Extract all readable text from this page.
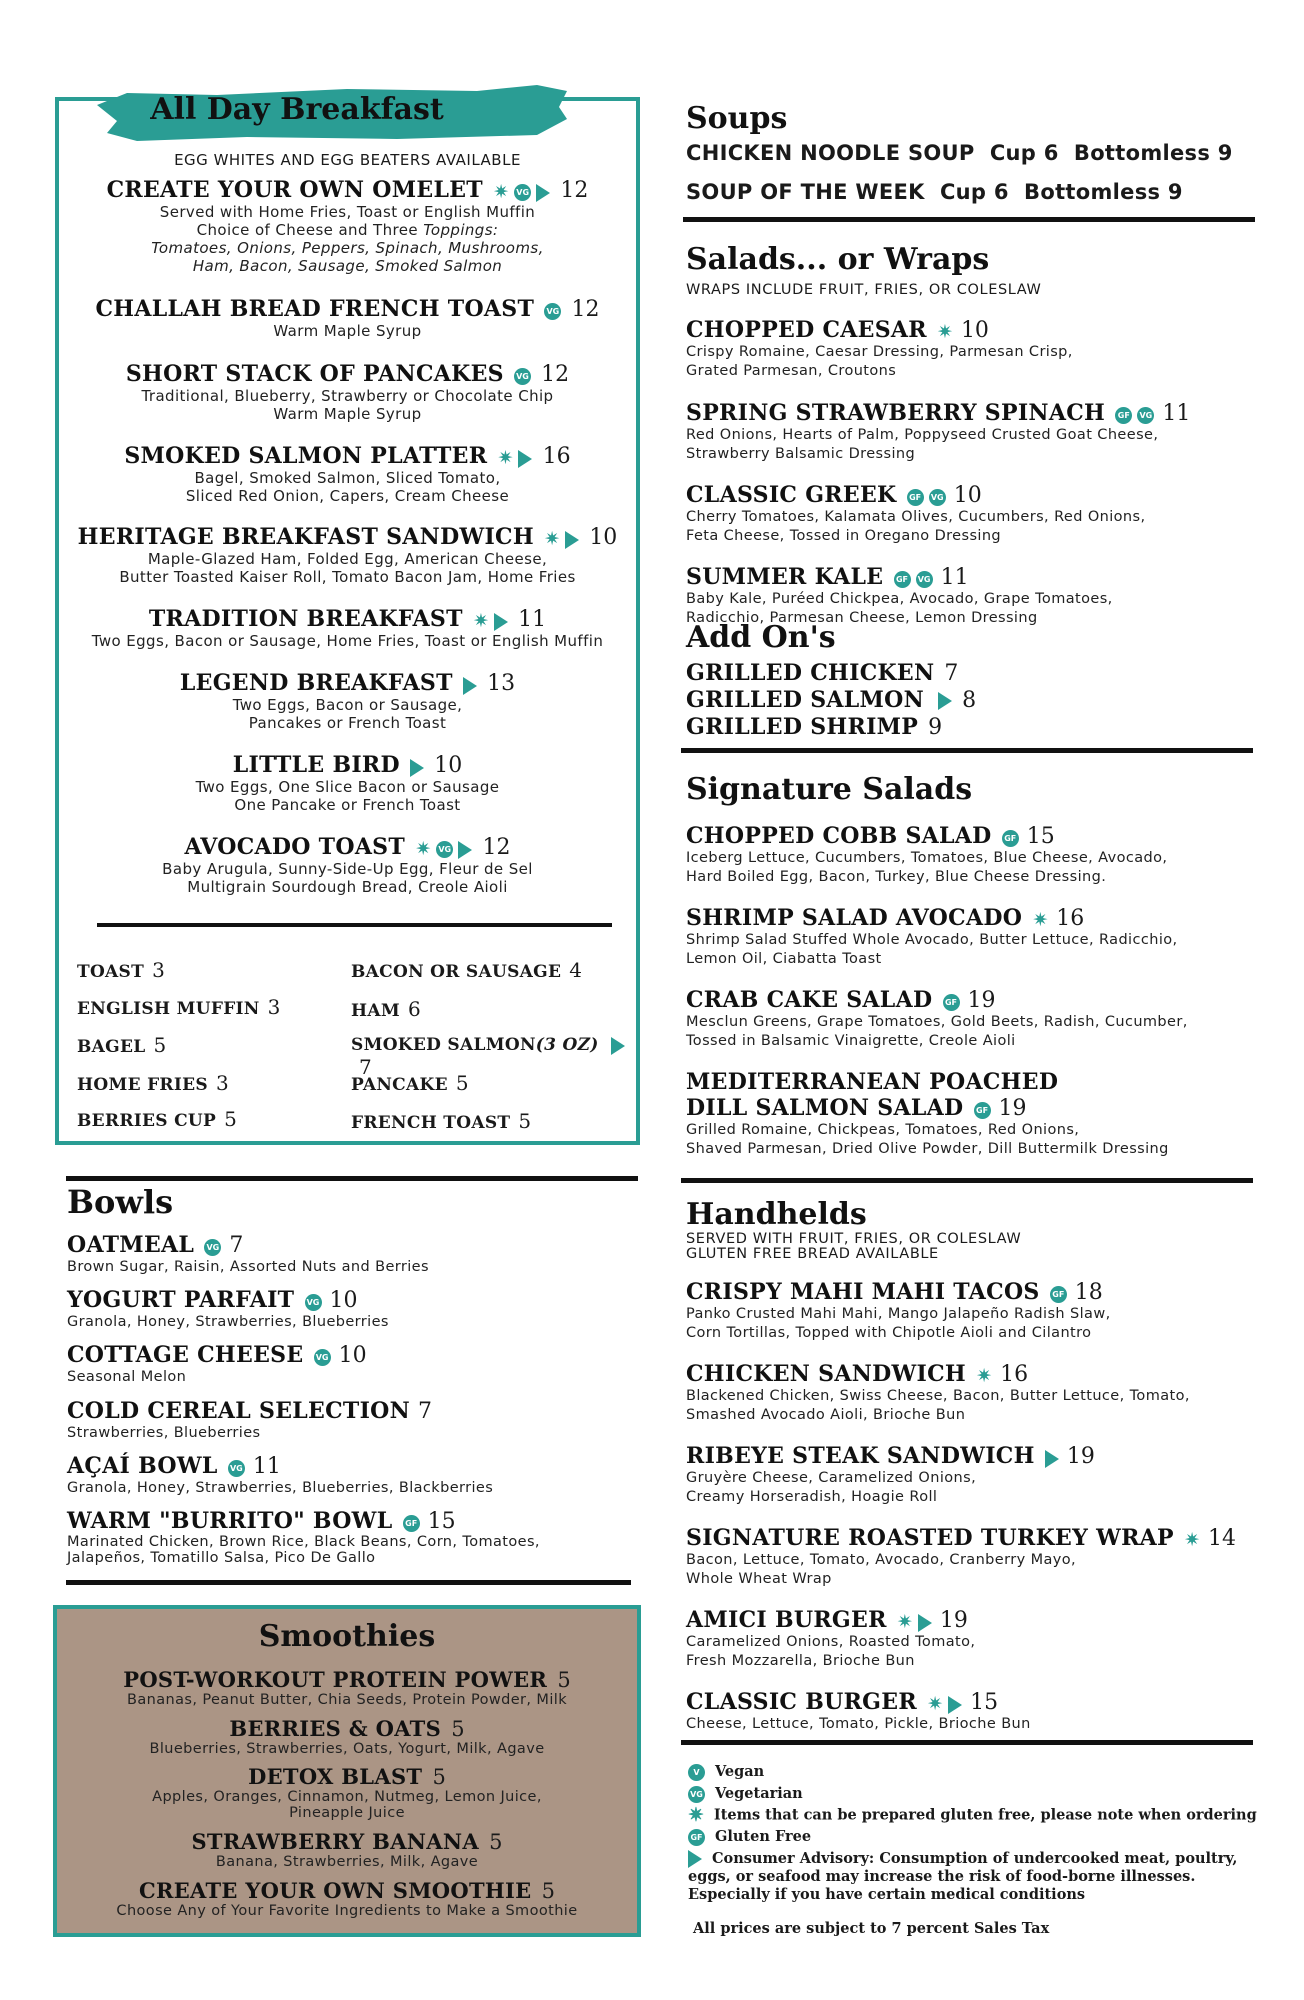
All Day Breakfast
EGG WHITES AND EGG BEATERS AVAILABLE
CREATE YOUR OWN OMELET ✷ VG 12
Served with Home Fries, Toast or English Muffin
Choice of Cheese and Three Toppings:
Tomatoes, Onions, Peppers, Spinach, Mushrooms,
Ham, Bacon, Sausage, Smoked Salmon
CHALLAH BREAD FRENCH TOAST VG 12
Warm Maple Syrup
SHORT STACK OF PANCAKES VG 12
Traditional, Blueberry, Strawberry or Chocolate Chip
Warm Maple Syrup
SMOKED SALMON PLATTER ✷ 16
Bagel, Smoked Salmon, Sliced Tomato,
Sliced Red Onion, Capers, Cream Cheese
HERITAGE BREAKFAST SANDWICH ✷ 10
Maple-Glazed Ham, Folded Egg, American Cheese,
Butter Toasted Kaiser Roll, Tomato Bacon Jam, Home Fries
TRADITION BREAKFAST ✷ 11
Two Eggs, Bacon or Sausage, Home Fries, Toast or English Muffin
LEGEND BREAKFAST 13
Two Eggs, Bacon or Sausage,
Pancakes or French Toast
LITTLE BIRD 10
Two Eggs, One Slice Bacon or Sausage
One Pancake or French Toast
AVOCADO TOAST ✷ VG 12
Baby Arugula, Sunny-Side-Up Egg, Fleur de Sel
Multigrain Sourdough Bread, Creole Aioli
TOAST 3
ENGLISH MUFFIN 3
BAGEL 5
HOME FRIES 3
BERRIES CUP 5
BACON OR SAUSAGE 4
HAM 6
SMOKED SALMON(3 OZ)  7
PANCAKE 5
FRENCH TOAST 5
Bowls
OATMEAL VG 7
Brown Sugar, Raisin, Assorted Nuts and Berries
YOGURT PARFAIT VG 10
Granola, Honey, Strawberries, Blueberries
COTTAGE CHEESE VG 10
Seasonal Melon
COLD CEREAL SELECTION 7
Strawberries, Blueberries
AÇAÍ BOWL VG 11
Granola, Honey, Strawberries, Blueberries, Blackberries
WARM "BURRITO" BOWL GF 15
Marinated Chicken, Brown Rice, Black Beans, Corn, Tomatoes,
Jalapeños, Tomatillo Salsa, Pico De Gallo
Smoothies
POST-WORKOUT PROTEIN POWER 5
Bananas, Peanut Butter, Chia Seeds, Protein Powder, Milk
BERRIES & OATS 5
Blueberries, Strawberries, Oats, Yogurt, Milk, Agave
DETOX BLAST 5
Apples, Oranges, Cinnamon, Nutmeg, Lemon Juice,
Pineapple Juice
STRAWBERRY BANANA 5
Banana, Strawberries, Milk, Agave
CREATE YOUR OWN SMOOTHIE 5
Choose Any of Your Favorite Ingredients to Make a Smoothie
Soups
CHICKEN NOODLE SOUP Cup 6 Bottomless 9
SOUP OF THE WEEK Cup 6 Bottomless 9
Salads... or Wraps
WRAPS INCLUDE FRUIT, FRIES, OR COLESLAW
CHOPPED CAESAR ✷ 10
Crispy Romaine, Caesar Dressing, Parmesan Crisp,
Grated Parmesan, Croutons
SPRING STRAWBERRY SPINACH GF VG 11
Red Onions, Hearts of Palm, Poppyseed Crusted Goat Cheese,
Strawberry Balsamic Dressing
CLASSIC GREEK GF VG 10
Cherry Tomatoes, Kalamata Olives, Cucumbers, Red Onions,
Feta Cheese, Tossed in Oregano Dressing
SUMMER KALE GF VG 11
Baby Kale, Puréed Chickpea, Avocado, Grape Tomatoes,
Radicchio, Parmesan Cheese, Lemon Dressing
Add On's
GRILLED CHICKEN 7
GRILLED SALMON 8
GRILLED SHRIMP 9
Signature Salads
CHOPPED COBB SALAD GF 15
Iceberg Lettuce, Cucumbers, Tomatoes, Blue Cheese, Avocado,
Hard Boiled Egg, Bacon, Turkey, Blue Cheese Dressing.
SHRIMP SALAD AVOCADO ✷ 16
Shrimp Salad Stuffed Whole Avocado, Butter Lettuce, Radicchio,
Lemon Oil, Ciabatta Toast
CRAB CAKE SALAD GF 19
Mesclun Greens, Grape Tomatoes, Gold Beets, Radish, Cucumber,
Tossed in Balsamic Vinaigrette, Creole Aioli
MEDITERRANEAN POACHED
DILL SALMON SALAD GF 19
Grilled Romaine, Chickpeas, Tomatoes, Red Onions,
Shaved Parmesan, Dried Olive Powder, Dill Buttermilk Dressing
Handhelds
SERVED WITH FRUIT, FRIES, OR COLESLAW
GLUTEN FREE BREAD AVAILABLE
CRISPY MAHI MAHI TACOS GF 18
Panko Crusted Mahi Mahi, Mango Jalapeño Radish Slaw,
Corn Tortillas, Topped with Chipotle Aioli and Cilantro
CHICKEN SANDWICH ✷ 16
Blackened Chicken, Swiss Cheese, Bacon, Butter Lettuce, Tomato,
Smashed Avocado Aioli, Brioche Bun
RIBEYE STEAK SANDWICH 19
Gruyère Cheese, Caramelized Onions,
Creamy Horseradish, Hoagie Roll
SIGNATURE ROASTED TURKEY WRAP ✷ 14
Bacon, Lettuce, Tomato, Avocado, Cranberry Mayo,
Whole Wheat Wrap
AMICI BURGER ✷ 19
Caramelized Onions, Roasted Tomato,
Fresh Mozzarella, Brioche Bun
CLASSIC BURGER ✷ 15
Cheese, Lettuce, Tomato, Pickle, Brioche Bun
V Vegan
VG Vegetarian
✷ Items that can be prepared gluten free, please note when ordering
GF Gluten Free
Consumer Advisory: Consumption of undercooked meat, poultry,
eggs, or seafood may increase the risk of food-borne illnesses.
Especially if you have certain medical conditions
All prices are subject to 7 percent Sales Tax
